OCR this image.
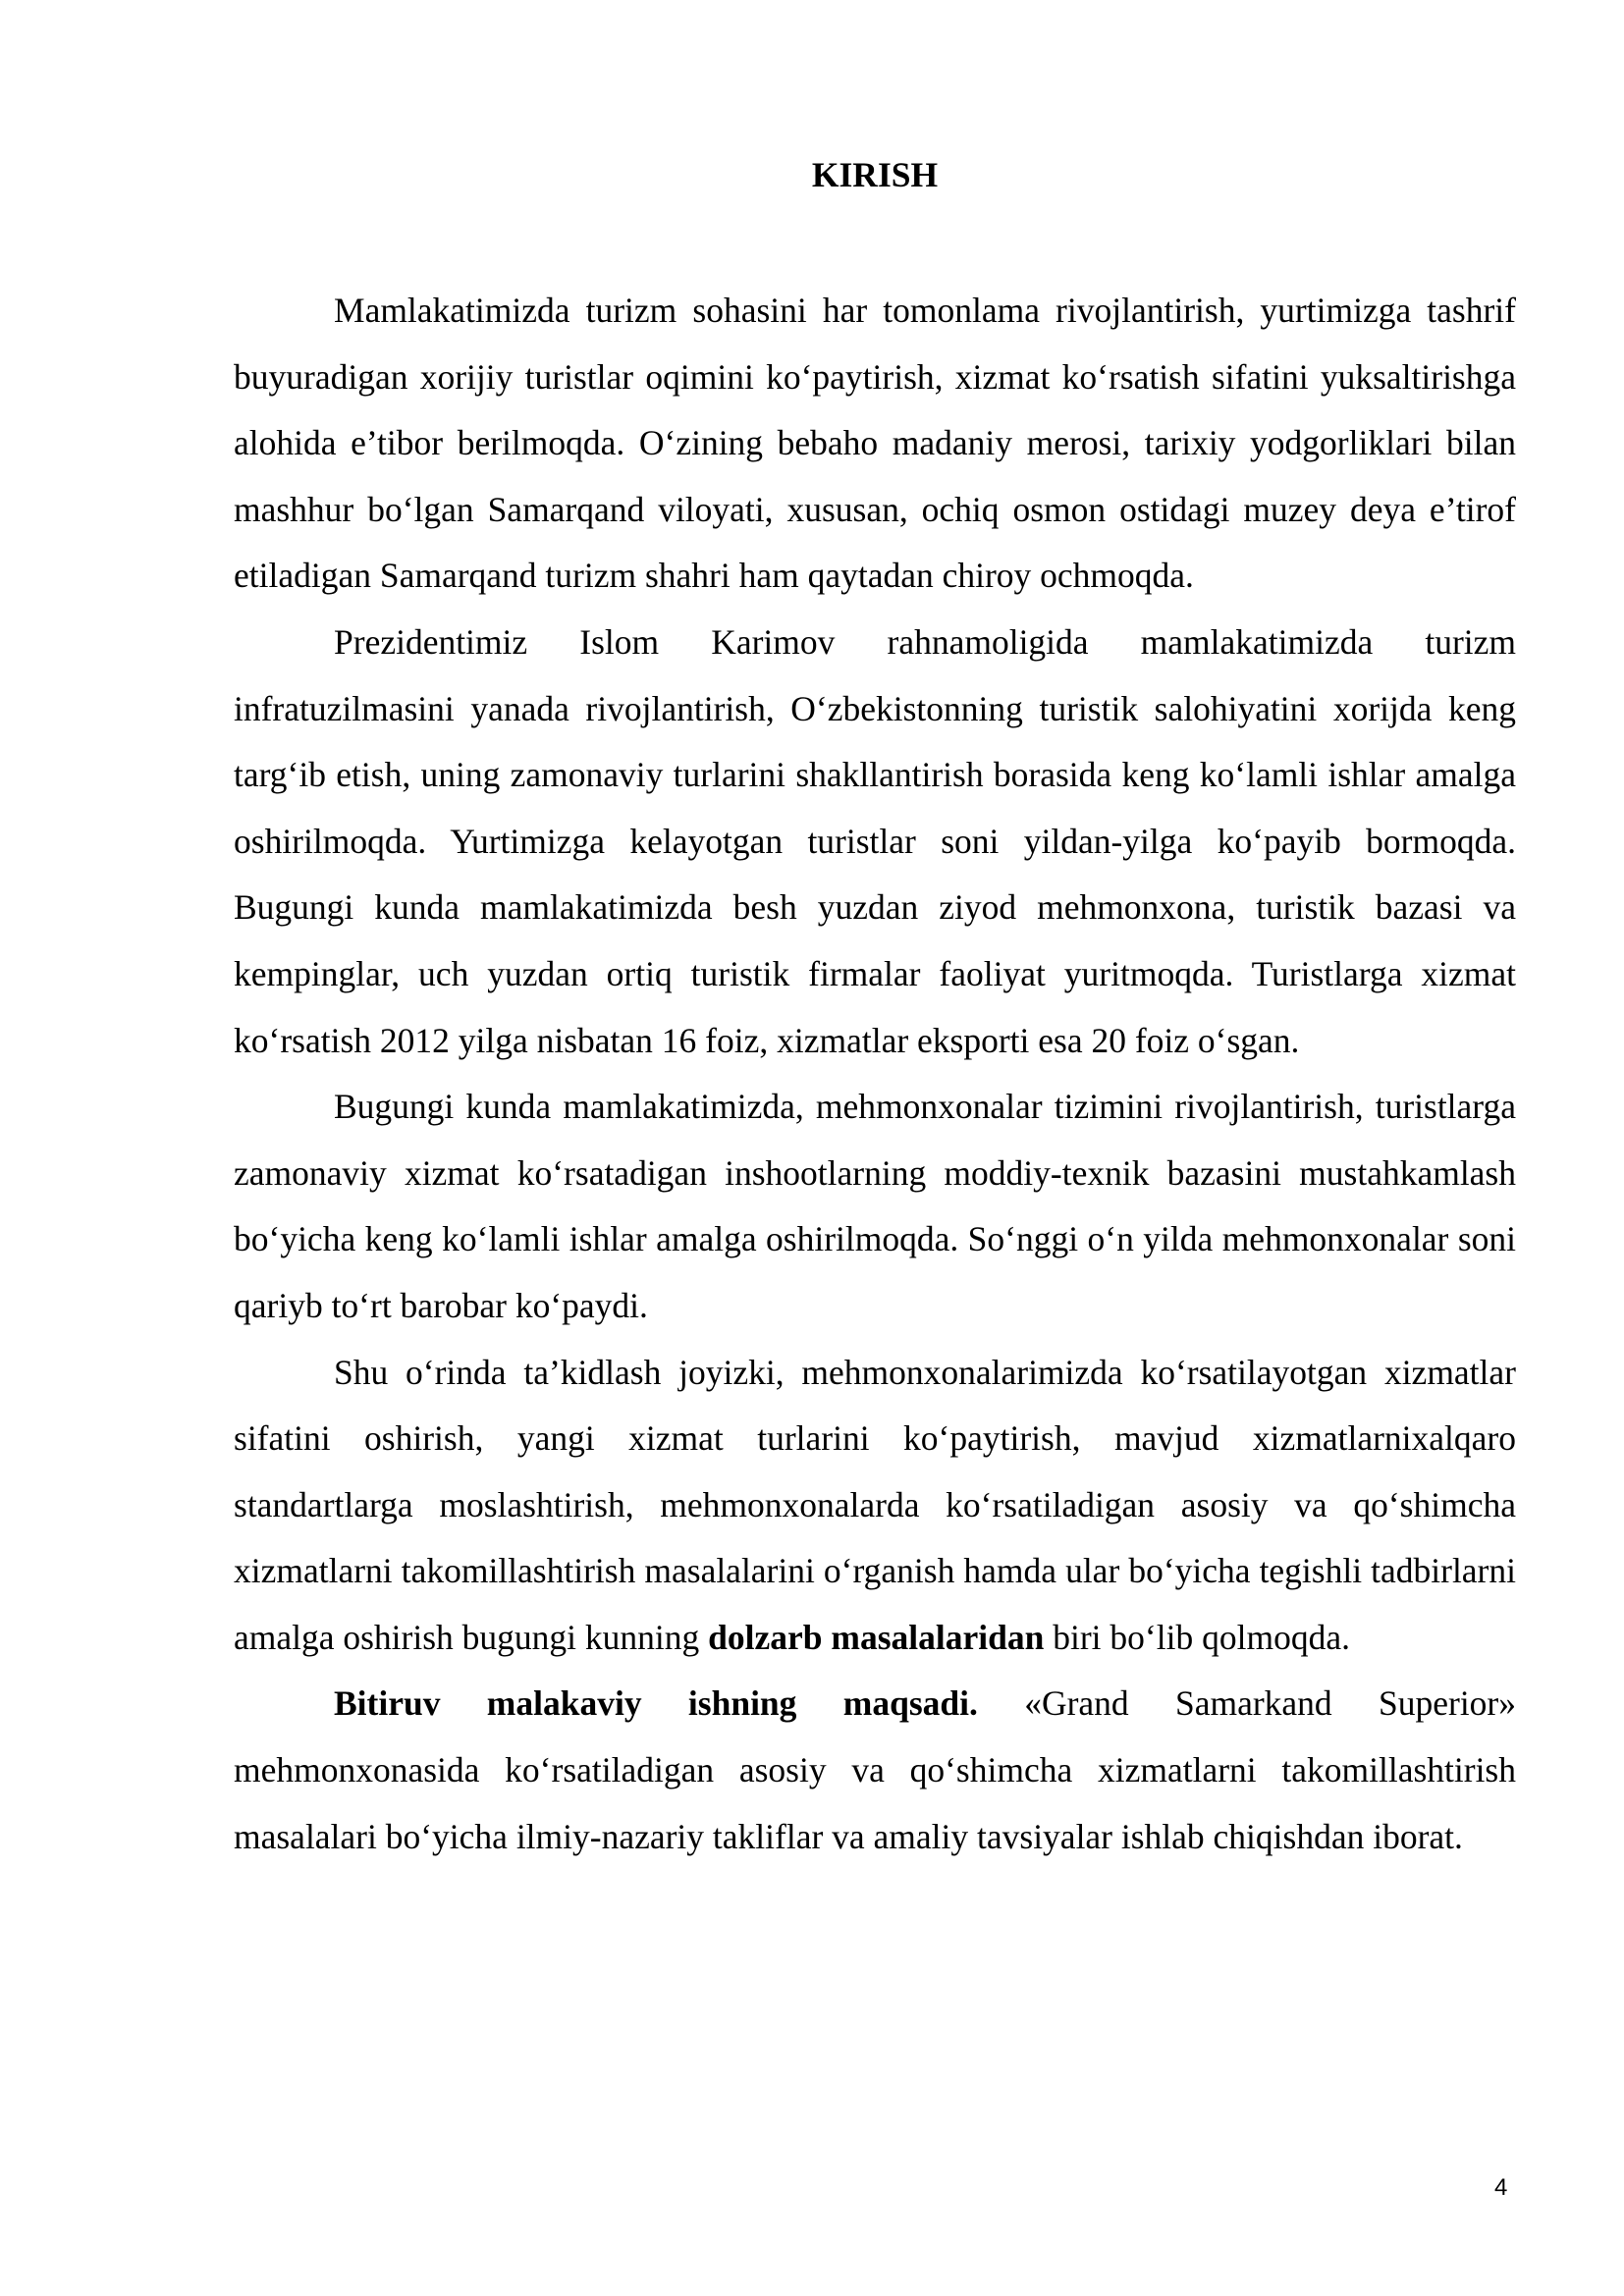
KIRISH

Mamlakatimizda turizm sohasini har tomonlama rivojlantirish, yurtimizga tashrif buyuradigan xorijiy turistlar oqimini ko‘paytirish, xizmat ko‘rsatish sifatini yuksaltirishga alohida e’tibor berilmoqda. O‘zining bebaho madaniy merosi, tarixiy yodgorliklari bilan mashhur bo‘lgan Samarqand viloyati, xususan, ochiq osmon ostidagi muzey deya e’tirof etiladigan Samarqand turizm shahri ham qaytadan chiroy ochmoqda.

Prezidentimiz Islom Karimov rahnamoligida mamlakatimizda turizm infratuzilmasini yanada rivojlantirish, O‘zbekistonning turistik salohiyatini xorijda keng targ‘ib etish, uning zamonaviy turlarini shakllantirish borasida keng ko‘lamli ishlar amalga oshirilmoqda. Yurtimizga kelayotgan turistlar soni yildan-yilga ko‘payib bormoqda. Bugungi kunda mamlakatimizda besh yuzdan ziyod mehmonxona, turistik bazasi va kempinglar, uch yuzdan ortiq turistik firmalar faoliyat yuritmoqda. Turistlarga xizmat ko‘rsatish 2012 yilga nisbatan 16 foiz, xizmatlar eksporti esa 20 foiz o‘sgan.

Bugungi kunda mamlakatimizda, mehmonxonalar tizimini rivojlantirish, turistlarga zamonaviy xizmat ko‘rsatadigan inshootlarning moddiy-texnik bazasini mustahkamlash bo‘yicha keng ko‘lamli ishlar amalga oshirilmoqda. So‘nggi o‘n yilda mehmonxonalar soni qariyb to‘rt barobar ko‘paydi.

Shu o‘rinda ta’kidlash joyizki, mehmonxonalarimizda ko‘rsatilayotgan xizmatlar sifatini oshirish, yangi xizmat turlarini ko‘paytirish, mavjud xizmatlarnixalqaro standartlarga moslashtirish, mehmonxonalarda ko‘rsatiladigan asosiy va qo‘shimcha xizmatlarni takomillashtirish masalalarini o‘rganish hamda ular bo‘yicha tegishli tadbirlarni amalga oshirish bugungi kunning dolzarb masalalaridan biri bo‘lib qolmoqda.

Bitiruv malakaviy ishning maqsadi. «Grand Samarkand Superior» mehmonxonasida ko‘rsatiladigan asosiy va qo‘shimcha xizmatlarni takomillashtirish masalalari bo‘yicha ilmiy-nazariy takliflar va amaliy tavsiyalar ishlab chiqishdan iborat.

4
